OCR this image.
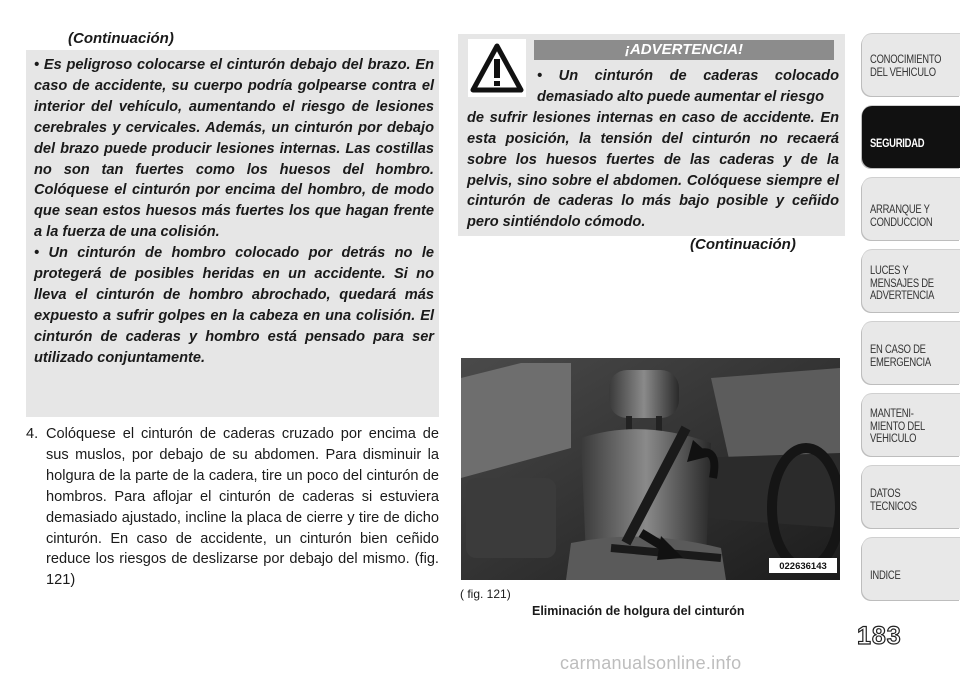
(Continuación)

• Es peligroso colocarse el cinturón debajo del brazo. En caso de accidente, su cuerpo podría golpearse contra el interior del vehículo, aumentando el riesgo de lesiones cerebrales y cervicales. Además, un cinturón por debajo del brazo puede producir lesiones internas. Las costillas no son tan fuertes como los huesos del hombro. Colóquese el cinturón por encima del hombro, de modo que sean estos huesos más fuertes los que hagan frente a la fuerza de una colisión.

• Un cinturón de hombro colocado por detrás no le protegerá de posibles heridas en un accidente. Si no lleva el cinturón de hombro abrochado, quedará más expuesto a sufrir golpes en la cabeza en una colisión. El cinturón de caderas y hombro está pensado para ser utilizado conjuntamente.

4. Colóquese el cinturón de caderas cruzado por encima de sus muslos, por debajo de su abdomen. Para disminuir la holgura de la parte de la cadera, tire un poco del cinturón de hombros. Para aflojar el cinturón de caderas si estuviera demasiado ajustado, incline la placa de cierre y tire de dicho cinturón. En caso de accidente, un cinturón bien ceñido reduce los riesgos de deslizarse por debajo del mismo. (fig. 121)
¡ADVERTENCIA!
• Un cinturón de caderas colocado demasiado alto puede aumentar el riesgo
de sufrir lesiones internas en caso de accidente. En esta posición, la tensión del cinturón no recaerá sobre los huesos fuertes de las caderas y de la pelvis, sino sobre el abdomen. Colóquese siempre el cinturón de caderas lo más bajo posible y ceñido pero sintiéndolo cómodo.
(Continuación)
022636143
( fig. 121)
Eliminación de holgura del cinturón
CONOCIMIENTO
DEL VEHICULO
SEGURIDAD
ARRANQUE Y
CONDUCCION
LUCES Y
MENSAJES DE
ADVERTENCIA
EN CASO DE
EMERGENCIA
MANTENI-
MIENTO DEL
VEHICULO
DATOS
TECNICOS
INDICE
183
carmanualsonline.info
